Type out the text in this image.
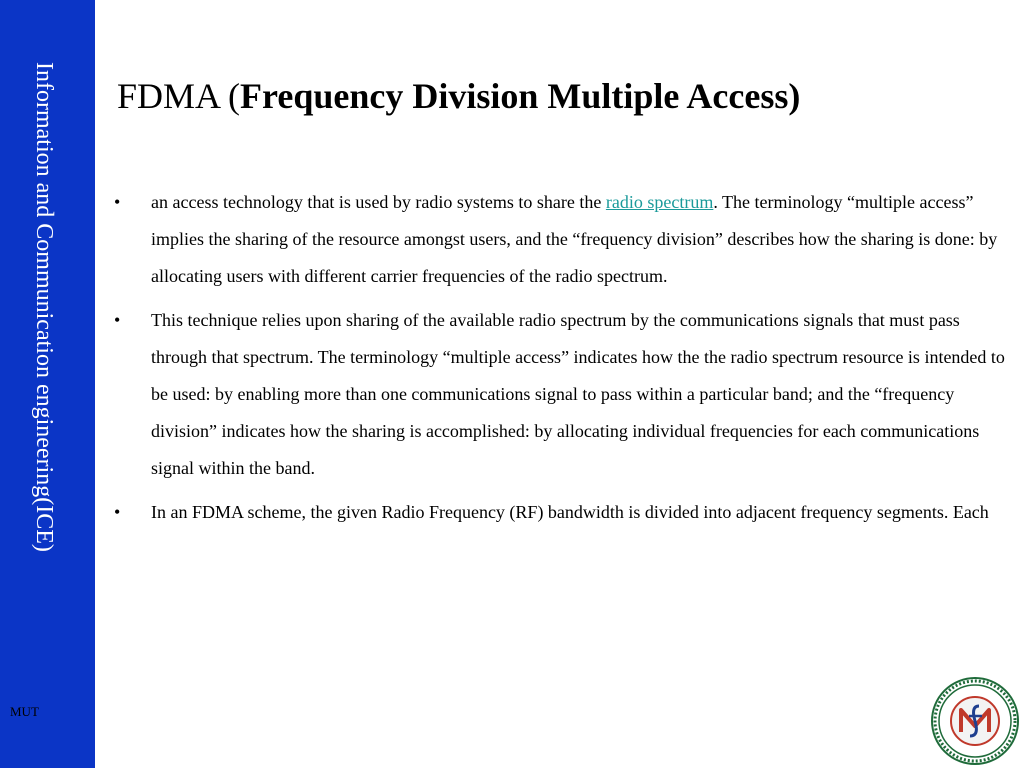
Information and Communication engineering(ICE)
MUT
FDMA (Frequency Division Multiple Access)
• an access technology that is used by radio systems to share the radio spectrum. The terminology “multiple access” implies the sharing of the resource amongst users, and the “frequency division” describes how the sharing is done: by allocating users with different carrier frequencies of the radio spectrum.
• This technique relies upon sharing of the available radio spectrum by the communications signals that must pass through that spectrum. The terminology “multiple access” indicates how the the radio spectrum resource is intended to be used: by enabling more than one communications signal to pass within a particular band; and the “frequency division” indicates how the sharing is accomplished: by allocating individual frequencies for each communications signal within the band.
• In an FDMA scheme, the given Radio Frequency (RF) bandwidth is divided into adjacent frequency segments. Each
